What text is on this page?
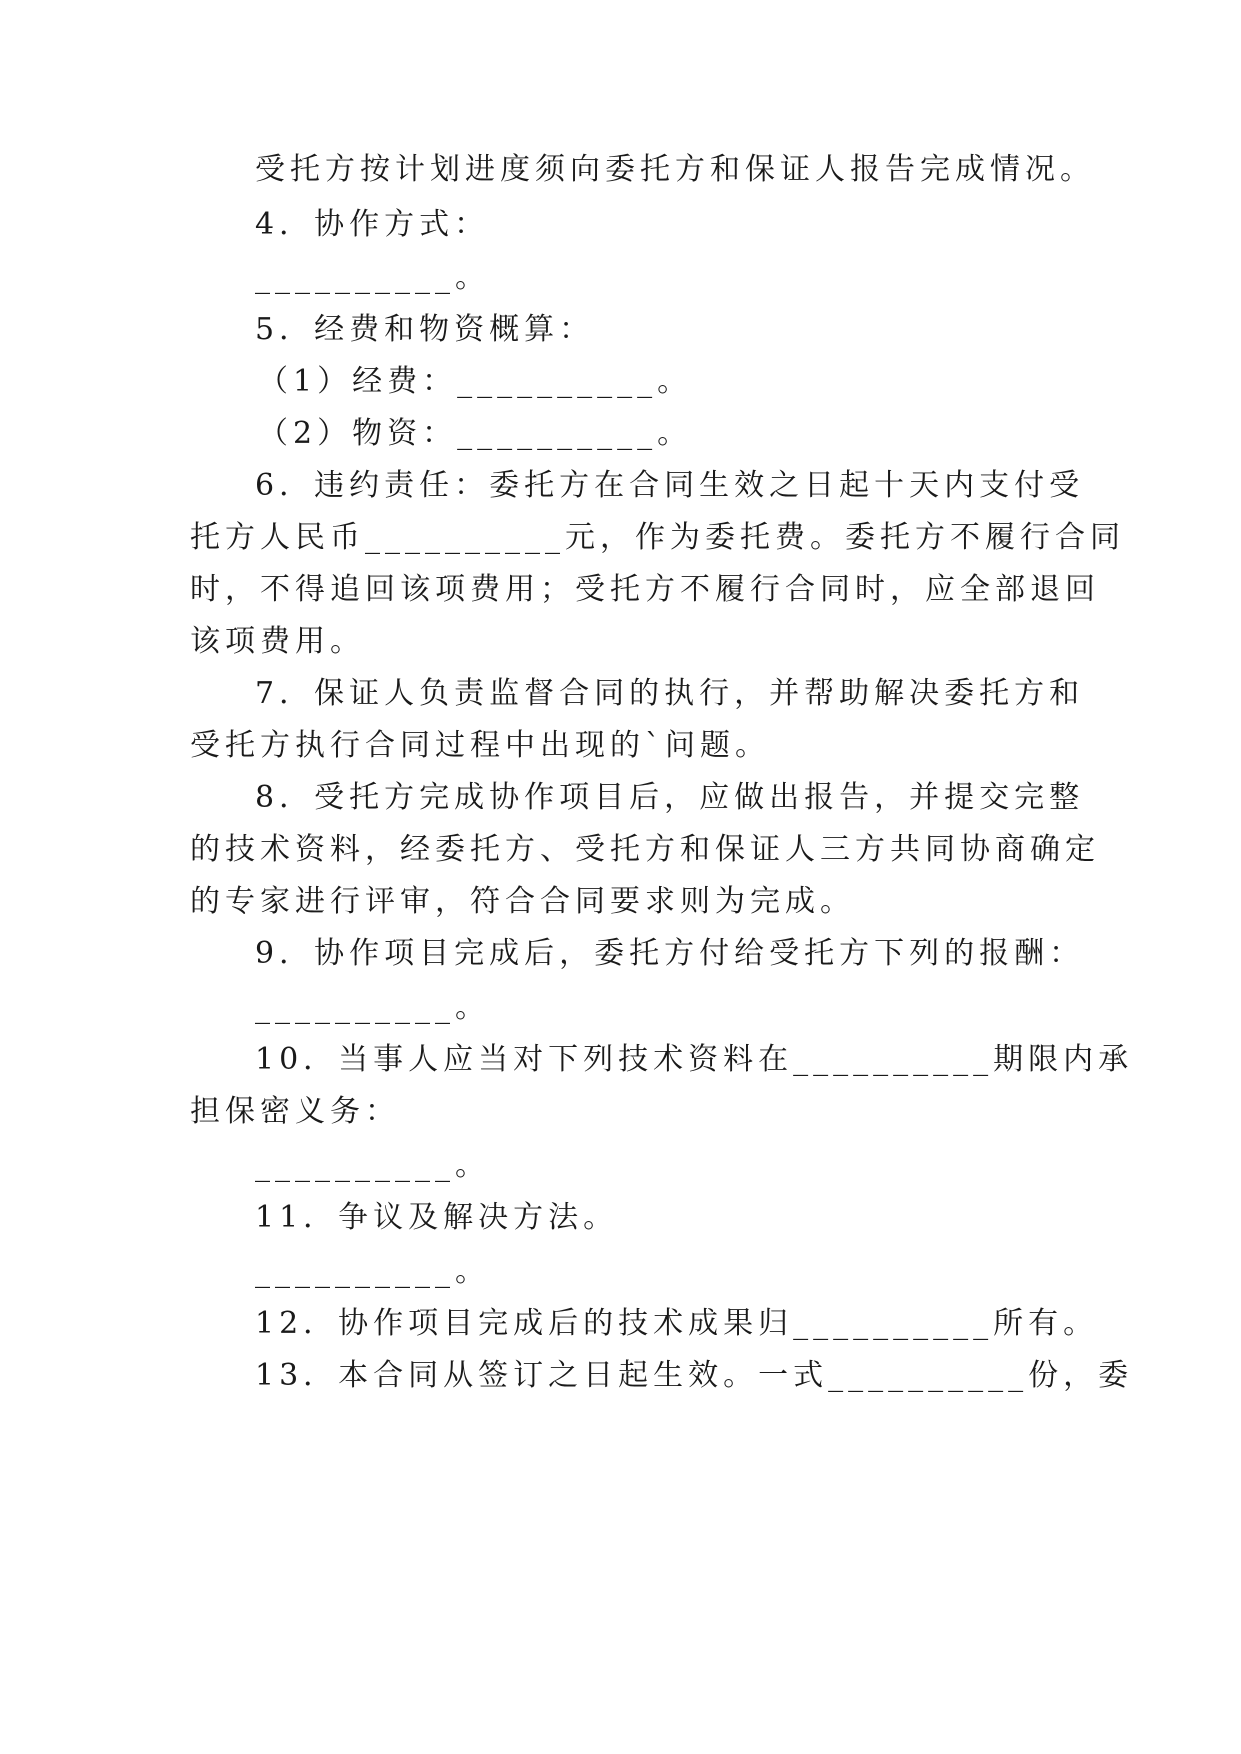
受托方按计划进度须向委托方和保证人报告完成情况。
4．协作方式：
__________。
5．经费和物资概算：
（1）经费：__________。
（2）物资：__________。
6．违约责任：委托方在合同生效之日起十天内支付受
托方人民币__________元，作为委托费。委托方不履行合同
时，不得追回该项费用；受托方不履行合同时，应全部退回
该项费用。
7．保证人负责监督合同的执行，并帮助解决委托方和
受托方执行合同过程中出现的`问题。
8．受托方完成协作项目后，应做出报告，并提交完整
的技术资料，经委托方、受托方和保证人三方共同协商确定
的专家进行评审，符合合同要求则为完成。
9．协作项目完成后，委托方付给受托方下列的报酬：
__________。
10．当事人应当对下列技术资料在__________期限内承
担保密义务：
__________。
11．争议及解决方法。
__________。
12．协作项目完成后的技术成果归__________所有。
13．本合同从签订之日起生效。一式__________份，委
